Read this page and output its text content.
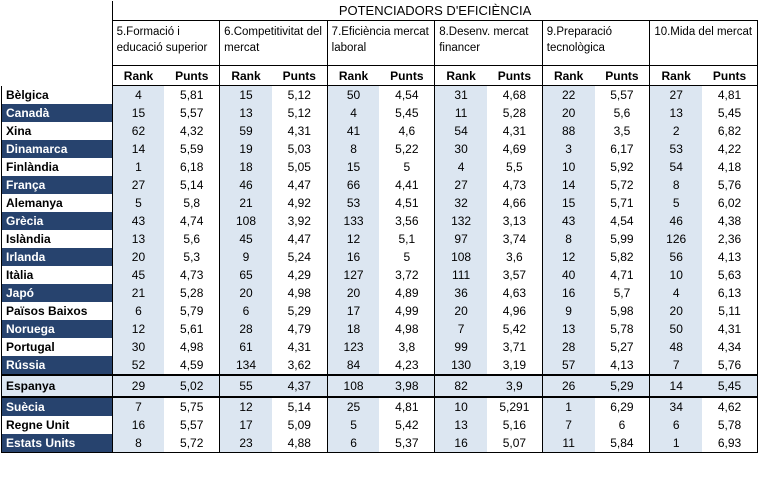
	POTENCIADORS D'EFICIÈNCIA											
	5.Formació i educació superior		6.Competitivitat del mercat		7.Eficiència mercat laboral		8.Desenv. mercat financer		9.Preparació tecnològica		10.Mida del mercat	
	Rank	Punts	Rank	Punts	Rank	Punts	Rank	Punts	Rank	Punts	Rank	Punts
Bèlgica	4	5,81	15	5,12	50	4,54	31	4,68	22	5,57	27	4,81
Canadà	15	5,57	13	5,12	4	5,45	11	5,28	20	5,6	13	5,45
Xina	62	4,32	59	4,31	41	4,6	54	4,31	88	3,5	2	6,82
Dinamarca	14	5,59	19	5,03	8	5,22	30	4,69	3	6,17	53	4,22
Finlàndia	1	6,18	18	5,05	15	5	4	5,5	10	5,92	54	4,18
França	27	5,14	46	4,47	66	4,41	27	4,73	14	5,72	8	5,76
Alemanya	5	5,8	21	4,92	53	4,51	32	4,66	15	5,71	5	6,02
Grècia	43	4,74	108	3,92	133	3,56	132	3,13	43	4,54	46	4,38
Islàndia	13	5,6	45	4,47	12	5,1	97	3,74	8	5,99	126	2,36
Irlanda	20	5,3	9	5,24	16	5	108	3,6	12	5,82	56	4,13
Itàlia	45	4,73	65	4,29	127	3,72	111	3,57	40	4,71	10	5,63
Japó	21	5,28	20	4,98	20	4,89	36	4,63	16	5,7	4	6,13
Països Baixos	6	5,79	6	5,29	17	4,99	20	4,96	9	5,98	20	5,11
Noruega	12	5,61	28	4,79	18	4,98	7	5,42	13	5,78	50	4,31
Portugal	30	4,98	61	4,31	123	3,8	99	3,71	28	5,27	48	4,34
Rússia	52	4,59	134	3,62	84	4,23	130	3,19	57	4,13	7	5,76
Espanya	29	5,02	55	4,37	108	3,98	82	3,9	26	5,29	14	5,45
Suècia	7	5,75	12	5,14	25	4,81	10	5,291	1	6,29	34	4,62
Regne Unit	16	5,57	17	5,09	5	5,42	13	5,16	7	6	6	5,78
Estats Units	8	5,72	23	4,88	6	5,37	16	5,07	11	5,84	1	6,93
